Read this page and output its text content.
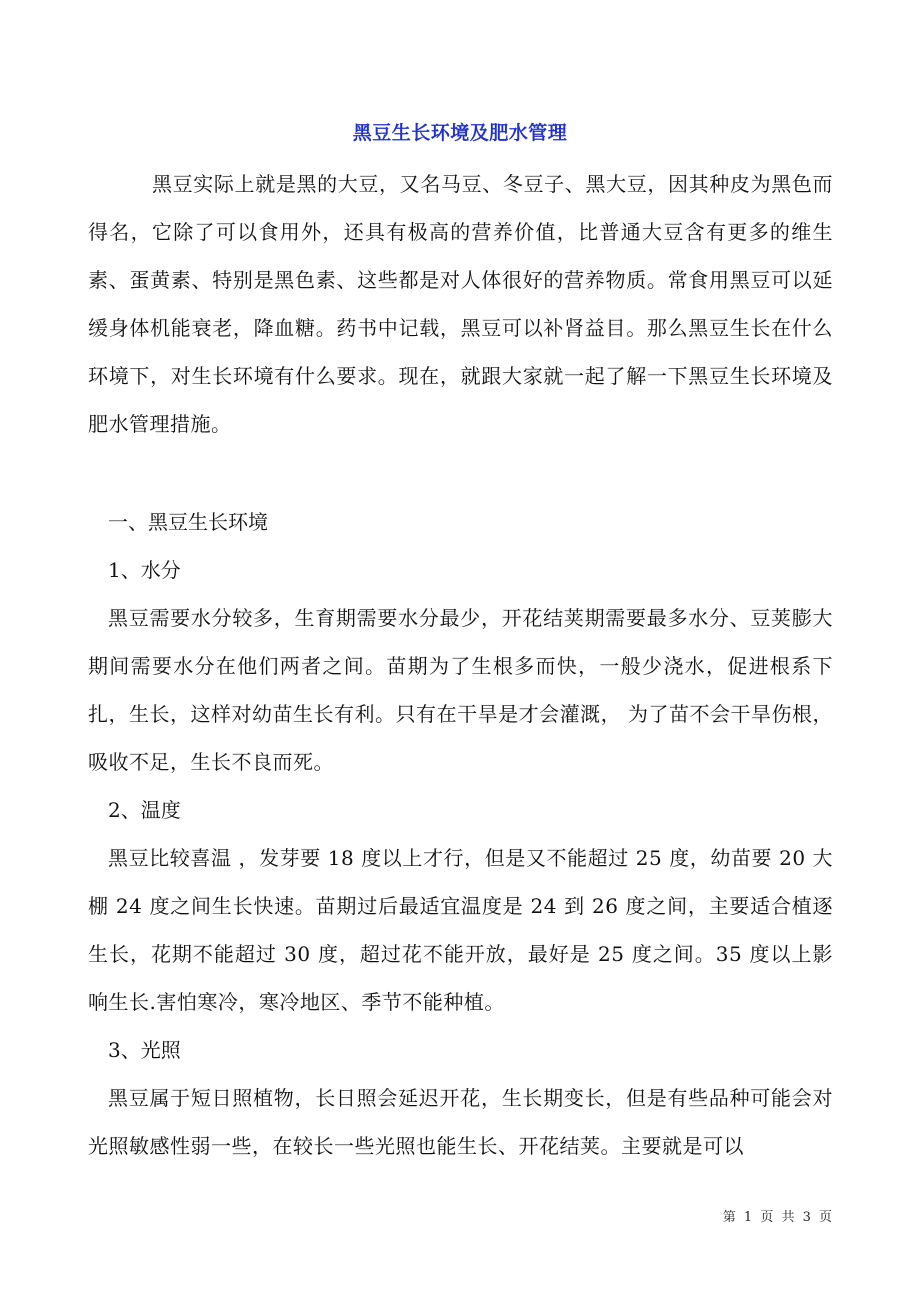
黑豆生长环境及肥水管理

黑豆实际上就是黑的大豆，又名马豆、冬豆子、黑大豆，因其种皮为黑色而得名，它除了可以食用外，还具有极高的营养价值，比普通大豆含有更多的维生素、蛋黄素、特别是黑色素、这些都是对人体很好的营养物质。常食用黑豆可以延缓身体机能衰老，降血糖。药书中记载，黑豆可以补肾益目。那么黑豆生长在什么环境下，对生长环境有什么要求。现在，就跟大家就一起了解一下黑豆生长环境及肥水管理措施。

一、黑豆生长环境

1、水分

黑豆需要水分较多，生育期需要水分最少，开花结荚期需要最多水分、豆荚膨大期间需要水分在他们两者之间。苗期为了生根多而快，一般少浇水，促进根系下扎，生长，这样对幼苗生长有利。只有在干旱是才会灌溉， 为了苗不会干旱伤根，吸收不足，生长不良而死。

2、温度

黑豆比较喜温 ，发芽要 18 度以上才行，但是又不能超过 25 度，幼苗要 20 大棚 24 度之间生长快速。苗期过后最适宜温度是 24 到 26 度之间，主要适合植逐生长，花期不能超过 30 度，超过花不能开放，最好是 25 度之间。35 度以上影响生长.害怕寒冷，寒冷地区、季节不能种植。

3、光照

黑豆属于短日照植物，长日照会延迟开花，生长期变长，但是有些品种可能会对光照敏感性弱一些，在较长一些光照也能生长、开花结荚。主要就是可以

第 1 页 共 3 页
